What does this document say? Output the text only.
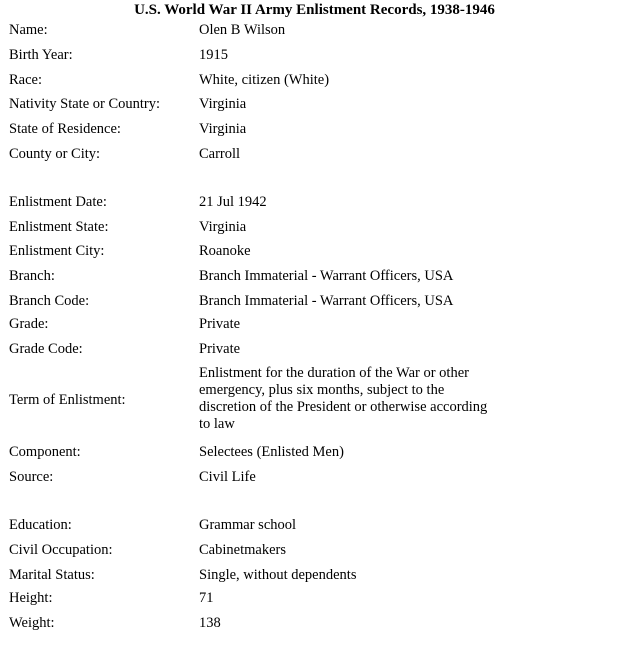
U.S. World War II Army Enlistment Records, 1938-1946
Name:	Olen B Wilson
Birth Year:	1915
Race:	White, citizen (White)
Nativity State or Country:	Virginia
State of Residence:	Virginia
County or City:	Carroll
Enlistment Date:	21 Jul 1942
Enlistment State:	Virginia
Enlistment City:	Roanoke
Branch:	Branch Immaterial - Warrant Officers, USA
Branch Code:	Branch Immaterial - Warrant Officers, USA
Grade:	Private
Grade Code:	Private
Term of Enlistment:
Enlistment for the duration of the War or other emergency, plus six months, subject to the discretion of the President or otherwise according to law
Component:	Selectees (Enlisted Men)
Source:	Civil Life
Education:	Grammar school
Civil Occupation:	Cabinetmakers
Marital Status:	Single, without dependents
Height:	71
Weight:	138
